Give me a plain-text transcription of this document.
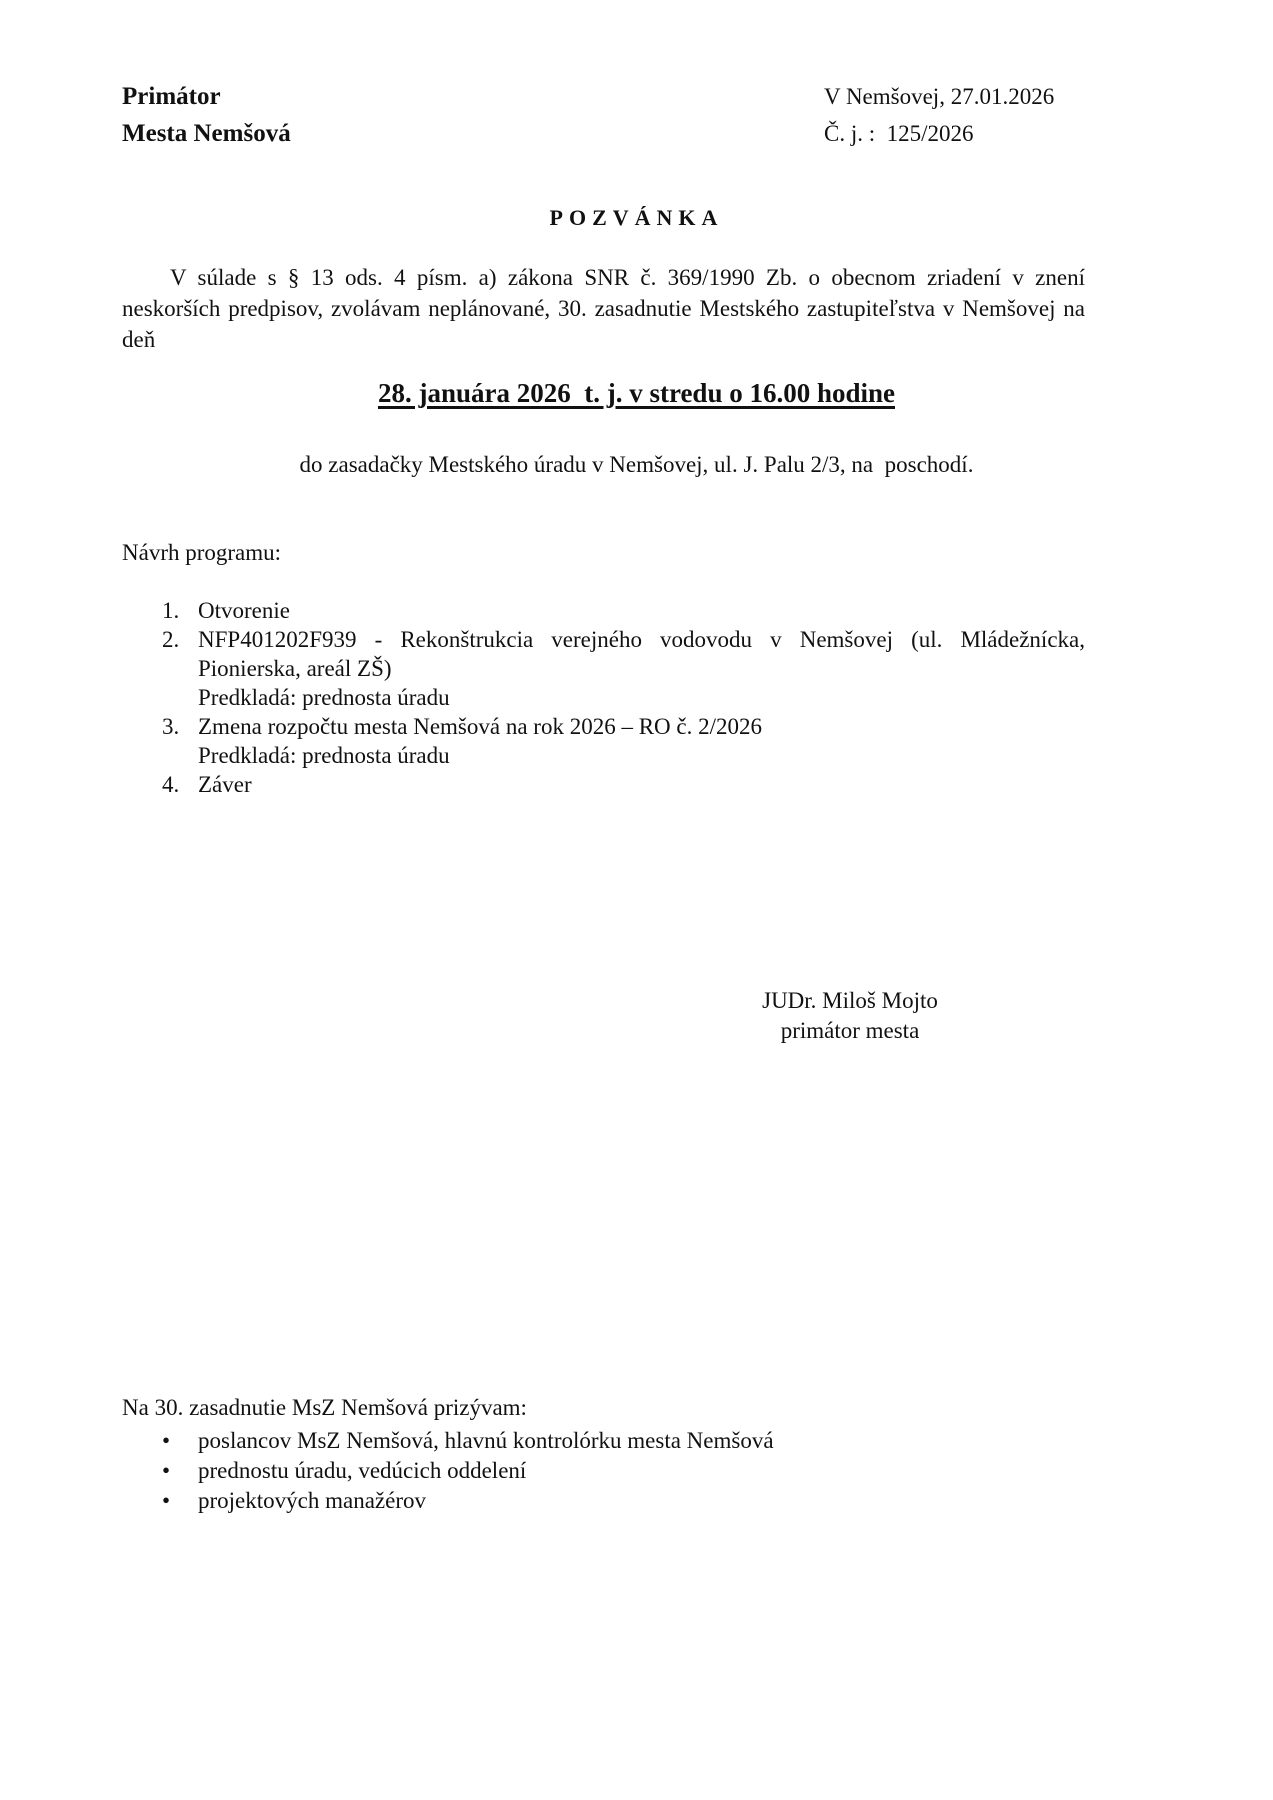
Primátor
Mesta Nemšová
V Nemšovej, 27.01.2026
Č. j. :  125/2026
POZVÁNKA

V súlade s § 13 ods. 4 písm. a) zákona SNR č. 369/1990 Zb. o obecnom zriadení v znení neskorších predpisov, zvolávam neplánované, 30. zasadnutie Mestského zastupiteľstva v Nemšovej na deň

28. januára 2026  t. j. v stredu o 16.00 hodine
do zasadačky Mestského úradu v Nemšovej, ul. J. Palu 2/3, na  poschodí.
Návrh programu:
1. Otvorenie
2. NFP401202F939 - Rekonštrukcia verejného vodovodu v Nemšovej (ul. Mládežnícka, Pionierska, areál ZŠ)
Predkladá: prednosta úradu
3. Zmena rozpočtu mesta Nemšová na rok 2026 – RO č. 2/2026
Predkladá: prednosta úradu
4. Záver
JUDr. Miloš Mojto
primátor mesta
Na 30. zasadnutie MsZ Nemšová prizývam:
• poslancov MsZ Nemšová, hlavnú kontrolórku mesta Nemšová
• prednostu úradu, vedúcich oddelení
• projektových manažérov
